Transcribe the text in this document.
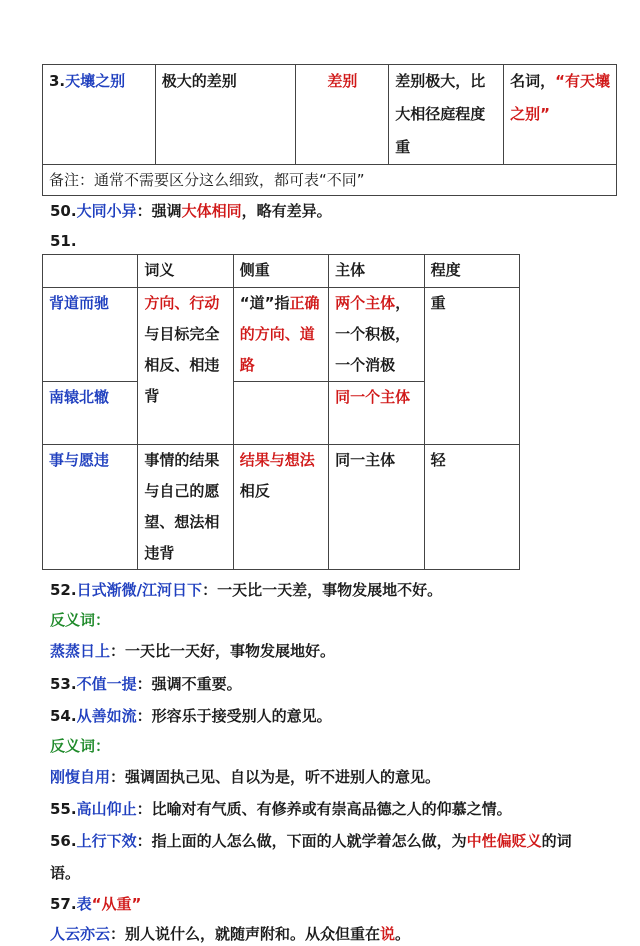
3.天壤之别	极大的差别	差别	差别极大，比大相径庭程度重	名词，“有天壤之别”
备注：通常不需要区分这么细致，都可表“不同”
50.大同小异：强调大体相同，略有差异。
51.
	词义	侧重	主体	程度
背道而驰	方向、行动与目标完全相反、相违背	“道”指正确的方向、道路	两个主体，一个积极，一个消极	重
南辕北辙			同一个主体	
事与愿违	事情的结果与自己的愿望、想法相违背	结果与想法相反	同一主体	轻
52.日式渐微/江河日下：一天比一天差，事物发展地不好。
反义词：
蒸蒸日上：一天比一天好，事物发展地好。
53.不值一提：强调不重要。
54.从善如流：形容乐于接受别人的意见。
反义词：
刚愎自用：强调固执己见、自以为是，听不进别人的意见。
55.高山仰止：比喻对有气质、有修养或有崇高品德之人的仰慕之情。
56.上行下效：指上面的人怎么做，下面的人就学着怎么做，为中性偏贬义的词
语。
57.表“从重”
人云亦云：别人说什么，就随声附和。从众但重在说。
